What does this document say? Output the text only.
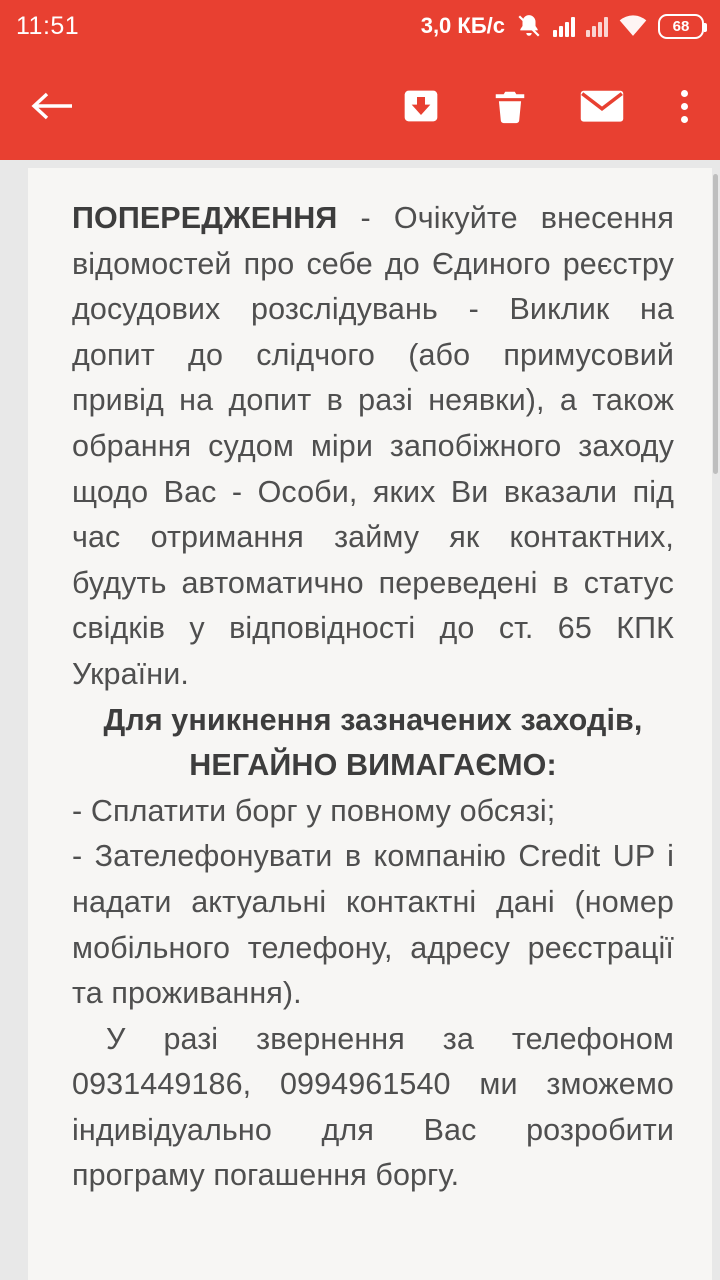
11:51	3,0 КБ/с	68

ПОПЕРЕДЖЕННЯ - Очікуйте внесення відомостей про себе до Єдиного реєстру досудових розслідувань - Виклик на допит до слідчого (або примусовий привід на допит в разі неявки), а також обрання судом міри запобіжного заходу щодо Вас - Особи, яких Ви вказали під час отримання займу як контактних, будуть автоматично переведені в статус свідків у відповідності до ст. 65 КПК України.

Для уникнення зазначених заходів, НЕГАЙНО ВИМАГАЄМО:

- Сплатити борг у повному обсязі;

- Зателефонувати в компанію Credit UP і надати актуальні контактні дані (номер мобільного телефону, адресу реєстрації та проживання).

У разі звернення за телефоном 0931449186, 0994961540 ми зможемо індивідуально для Вас розробити програму погашення боргу.
